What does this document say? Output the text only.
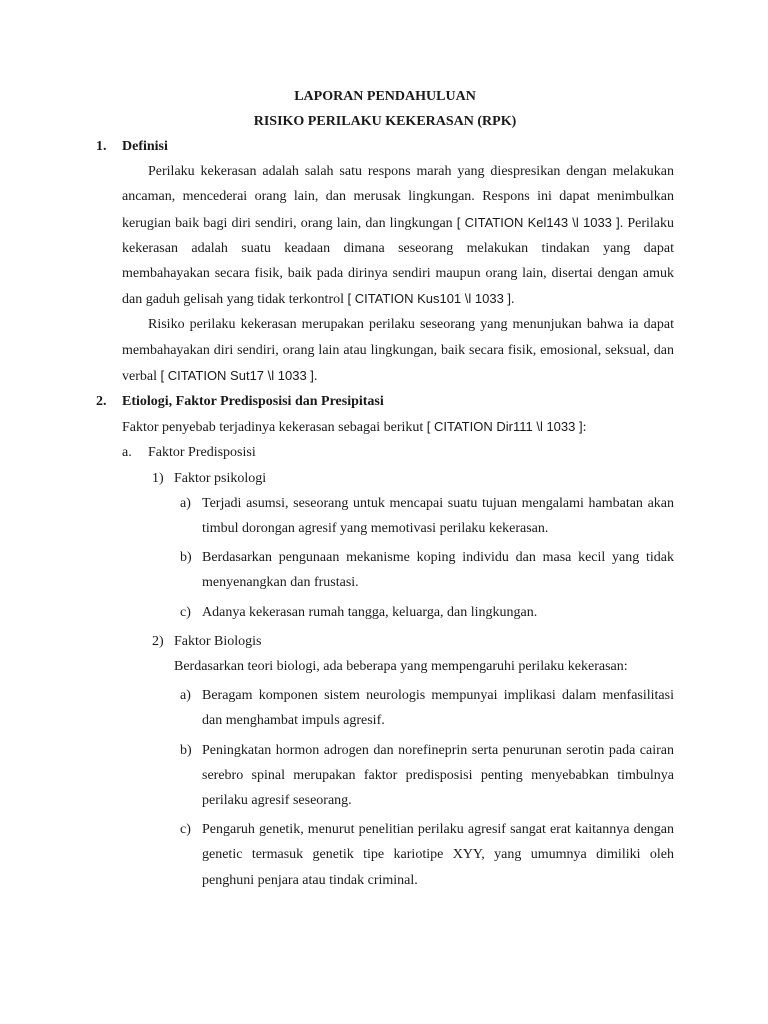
LAPORAN PENDAHULUAN

RISIKO PERILAKU KEKERASAN (RPK)

1.	Definisi

Perilaku kekerasan adalah salah satu respons marah yang diespresikan dengan melakukan ancaman, mencederai orang lain, dan merusak lingkungan. Respons ini dapat menimbulkan kerugian baik bagi diri sendiri, orang lain, dan lingkungan [ CITATION Kel143 \l 1033 ]. Perilaku kekerasan adalah suatu keadaan dimana seseorang melakukan tindakan yang dapat membahayakan secara fisik, baik pada dirinya sendiri maupun orang lain, disertai dengan amuk dan gaduh gelisah yang tidak terkontrol [ CITATION Kus101 \l 1033 ].

Risiko perilaku kekerasan merupakan perilaku seseorang yang menunjukan bahwa ia dapat membahayakan diri sendiri, orang lain atau lingkungan, baik secara fisik, emosional, seksual, dan verbal [ CITATION Sut17 \l 1033 ].

2.	Etiologi, Faktor Predisposisi dan Presipitasi

Faktor penyebab terjadinya kekerasan sebagai berikut [ CITATION Dir111 \l 1033 ]:

a.	Faktor Predisposisi
1) Faktor psikologi
a) Terjadi asumsi, seseorang untuk mencapai suatu tujuan mengalami hambatan akan timbul dorongan agresif yang memotivasi perilaku kekerasan.
b) Berdasarkan pengunaan mekanisme koping individu dan masa kecil yang tidak menyenangkan dan frustasi.
c) Adanya kekerasan rumah tangga, keluarga, dan lingkungan.
2) Faktor Biologis

Berdasarkan teori biologi, ada beberapa yang mempengaruhi perilaku kekerasan:

a) Beragam komponen sistem neurologis mempunyai implikasi dalam menfasilitasi dan menghambat impuls agresif.
b) Peningkatan hormon adrogen dan norefineprin serta penurunan serotin pada cairan serebro spinal merupakan faktor predisposisi penting menyebabkan timbulnya perilaku agresif seseorang.
c) Pengaruh genetik, menurut penelitian perilaku agresif sangat erat kaitannya dengan genetic termasuk genetik tipe kariotipe XYY, yang umumnya dimiliki oleh penghuni penjara atau tindak criminal.
